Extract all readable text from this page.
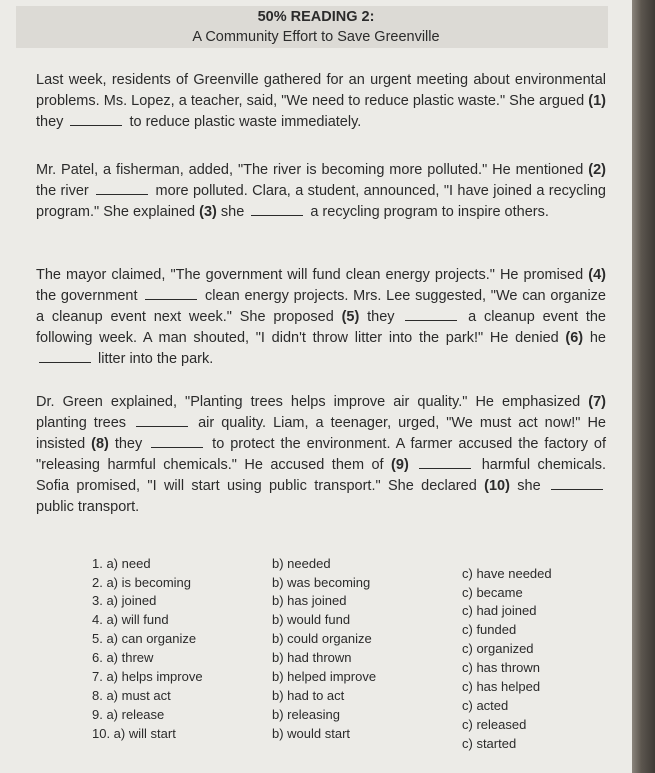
50% READING 2:
A Community Effort to Save Greenville

Last week, residents of Greenville gathered for an urgent meeting about environmental problems. Ms. Lopez, a teacher, said, "We need to reduce plastic waste." She argued (1) they	to reduce plastic waste immediately.

Mr. Patel, a fisherman, added, "The river is becoming more polluted." He mentioned (2) the river	more polluted. Clara, a student, announced, "I have joined a recycling program." She explained (3) she	a recycling program to inspire others.

The mayor claimed, "The government will fund clean energy projects." He promised (4) the government	clean energy projects. Mrs. Lee suggested, "We can organize a cleanup event next week." She proposed (5) they	a cleanup event the following week. A man shouted, "I didn't throw litter into the park!" He denied (6) he  litter into the park.

Dr. Green explained, "Planting trees helps improve air quality." He emphasized (7) planting trees	air quality. Liam, a teenager, urged, "We must act now!" He insisted (8) they	to protect the environment. A farmer accused the factory of "releasing harmful chemicals." He accused them of (9)	harmful chemicals. Sofia promised, "I will start using public transport." She declared (10) she  public transport.

1. a) need	b) needed
c) have needed
2. a) is becoming	b) was becoming
c) became
3. a) joined	b) has joined
c) had joined
4. a) will fund	b) would fund
c) funded
5. a) can organize	b) could organize
c) organized
6. a) threw	b) had thrown
c) has thrown
7. a) helps improve	b) helped improve
c) has helped
8. a) must act	b) had to act
c) acted
9. a) release	b) releasing
c) released
10. a) will start	b) would start
c) started
